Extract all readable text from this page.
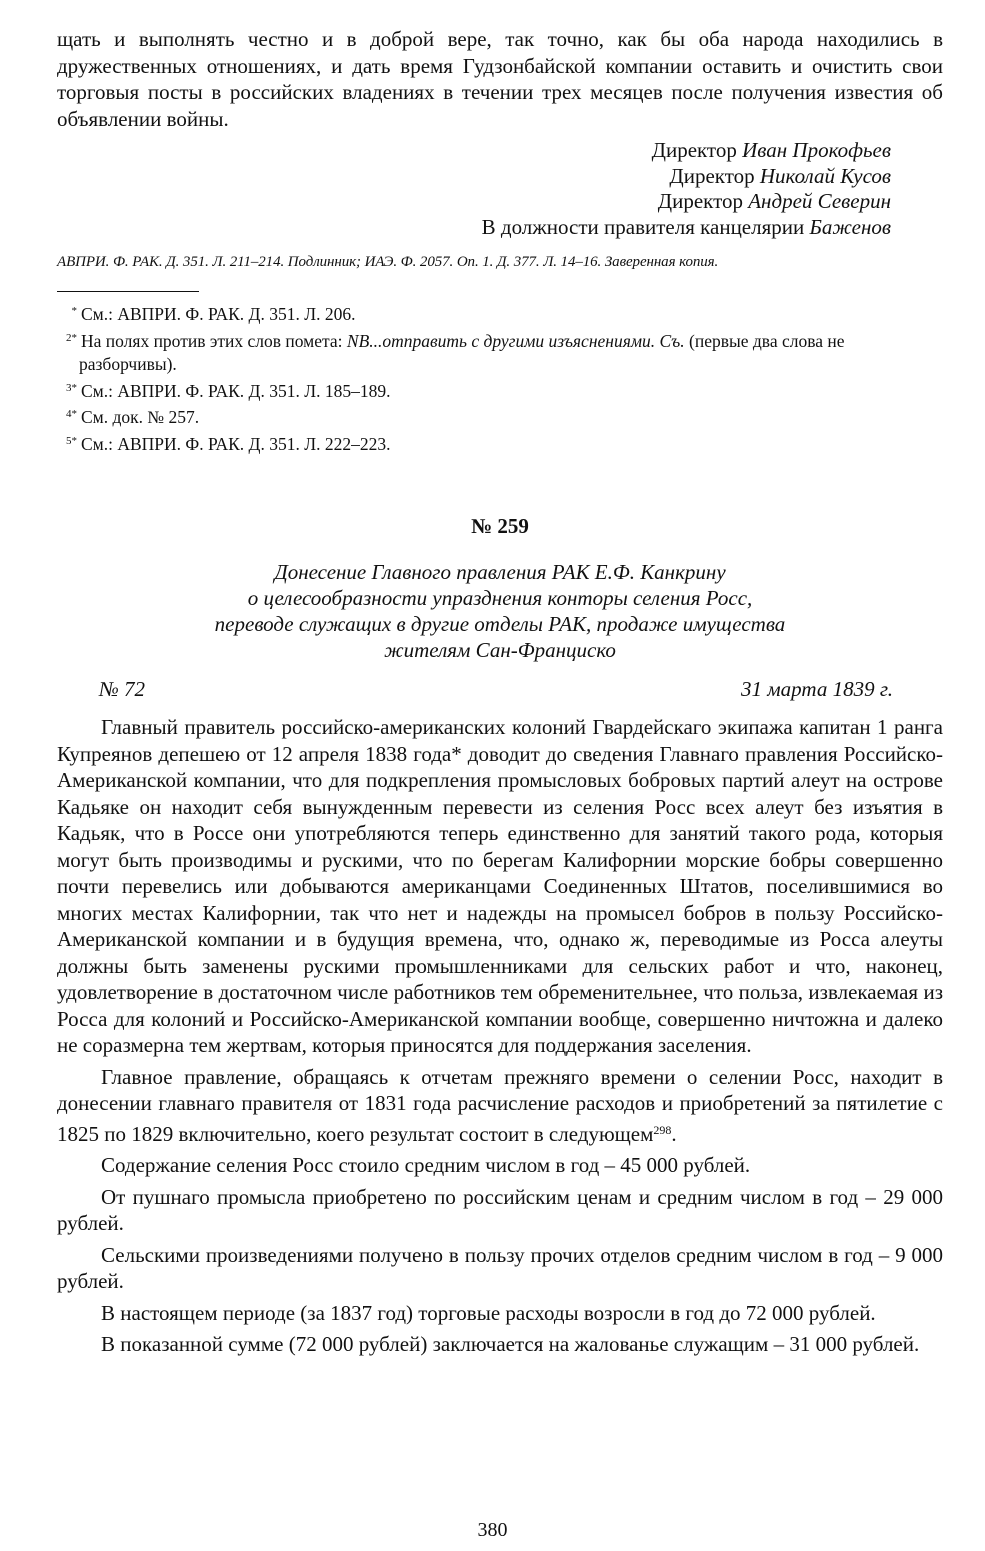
щать и выполнять честно и в доброй вере, так точно, как бы оба народа находились в дружественных отношениях, и дать время Гудзонбайской компании оставить и очистить свои торговыя посты в российских владениях в течении трех месяцев после получения известия об объявлении войны.

Директор Иван Прокофьев
Директор Николай Кусов
Директор Андрей Северин
В должности правителя канцелярии Баженов
АВПРИ. Ф. РАК. Д. 351. Л. 211–214. Подлинник; ИАЭ. Ф. 2057. Оп. 1. Д. 377. Л. 14–16. Заверенная копия.
* См.: АВПРИ. Ф. РАК. Д. 351. Л. 206.
$^{2*}$ На полях против этих слов помета: NB...отправить с другими изъяснениями. Съ. (первые два слова не разборчивы).
$^{3*}$ См.: АВПРИ. Ф. РАК. Д. 351. Л. 185–189.
$^{4*}$ См. док. № 257.
$^{5*}$ См.: АВПРИ. Ф. РАК. Д. 351. Л. 222–223.
№ 259
Донесение Главного правления РАК Е.Ф. Канкрину
о целесообразности упразднения конторы селения Росс,
переводе служащих в другие отделы РАК, продаже имущества
жителям Сан-Франциско
№ 72	31 марта 1839 г.

Главный правитель российско-американских колоний Гвардейскаго экипажа капитан 1 ранга Купреянов депешею от 12 апреля 1838 года* доводит до сведения Главнаго правления Российско-Американской компании, что для подкрепления промысловых бобровых партий алеут на острове Кадьяке он находит себя вынужденным перевести из селения Росс всех алеут без изъятия в Кадьяк, что в Россе они употребляются теперь единственно для занятий такого рода, которыя могут быть производимы и рускими, что по берегам Калифорнии морские бобры совершенно почти перевелись или добываются американцами Соединенных Штатов, поселившимися во многих местах Калифорнии, так что нет и надежды на промысел бобров в пользу Российско-Американской компании и в будущия времена, что, однако ж, переводимые из Росса алеуты должны быть заменены рускими промышленниками для сельских работ и что, наконец, удовлетворение в достаточном числе работников тем обременительнее, что польза, извлекаемая из Росса для колоний и Российско-Американской компании вообще, совершенно ничтожна и далеко не соразмерна тем жертвам, которыя приносятся для поддержания заселения.

Главное правление, обращаясь к отчетам прежняго времени о селении Росс, находит в донесении главнаго правителя от 1831 года расчисление расходов и приобретений за пятилетие с 1825 по 1829 включительно, коего результат состоит в следующем$^{298}$.

Содержание селения Росс стоило средним числом в год – 45 000 рублей.

От пушнаго промысла приобретено по российским ценам и средним числом в год – 29 000 рублей.

Сельскими произведениями получено в пользу прочих отделов средним числом в год – 9 000 рублей.

В настоящем периоде (за 1837 год) торговые расходы возросли в год до 72 000 рублей.

В показанной сумме (72 000 рублей) заключается на жалованье служащим – 31 000 рублей.

380
